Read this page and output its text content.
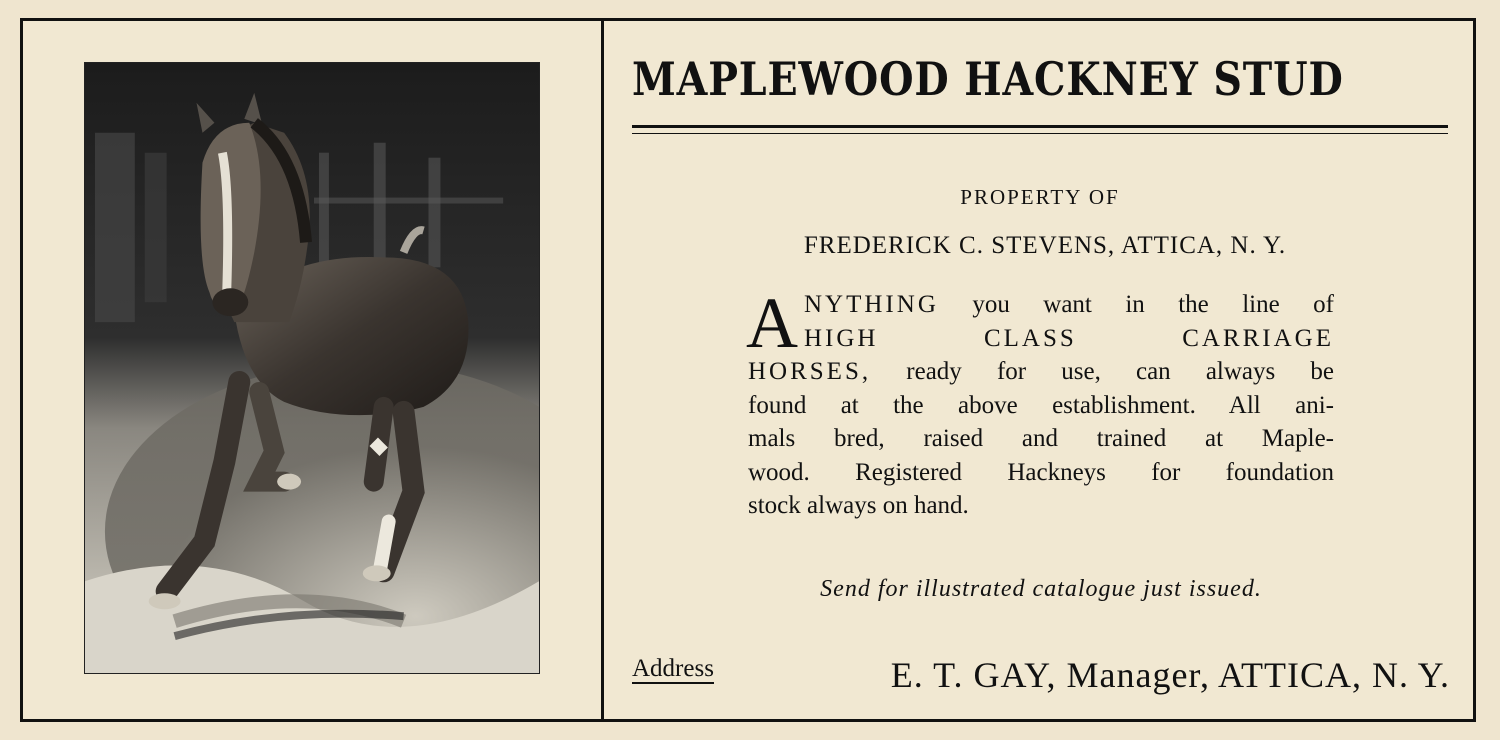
MAPLEWOOD HACKNEY STUD
PROPERTY OF
FREDERICK C. STEVENS, ATTICA, N. Y.
A NYTHING you want in the line of
HIGH CLASS CARRIAGE
HORSES, ready for use, can always be
found at the above establishment. All ani-
mals bred, raised and trained at Maple-
wood. Registered Hackneys for foundation
stock always on hand.
Send for illustrated catalogue just issued.
Address	E. T. GAY, Manager, ATTICA, N. Y.
